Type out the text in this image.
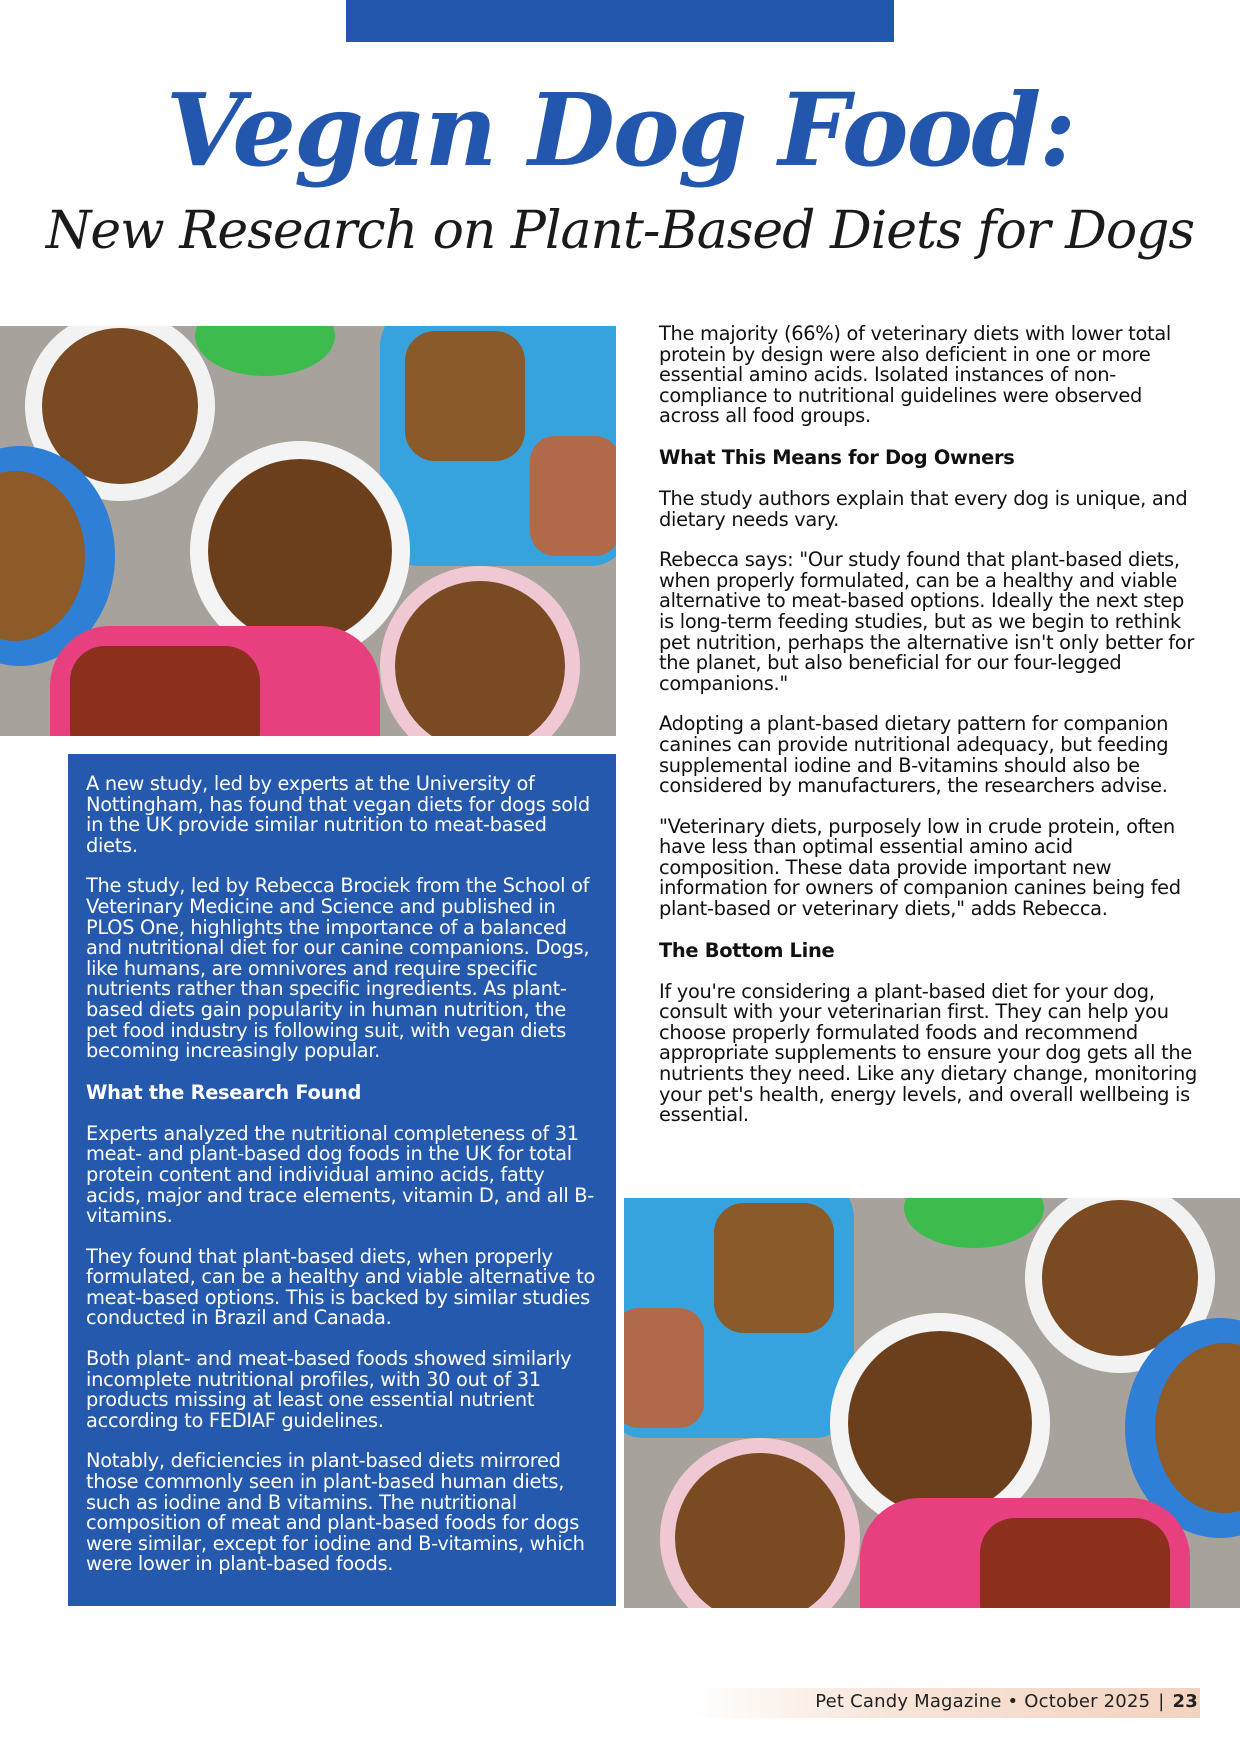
Vegan Dog Food:
New Research on Plant-Based Diets for Dogs

A new study, led by experts at the University of Nottingham, has found that vegan diets for dogs sold in the UK provide similar nutrition to meat-based diets.

The study, led by Rebecca Brociek from the School of Veterinary Medicine and Science and published in PLOS One, highlights the importance of a balanced and nutritional diet for our canine companions. Dogs, like humans, are omnivores and require specific nutrients rather than specific ingredients. As plant-based diets gain popularity in human nutrition, the pet food industry is following suit, with vegan diets becoming increasingly popular.

What the Research Found

Experts analyzed the nutritional completeness of 31 meat- and plant-based dog foods in the UK for total protein content and individual amino acids, fatty acids, major and trace elements, vitamin D, and all B-vitamins.

They found that plant-based diets, when properly formulated, can be a healthy and viable alternative to meat-based options. This is backed by similar studies conducted in Brazil and Canada.

Both plant- and meat-based foods showed similarly incomplete nutritional profiles, with 30 out of 31 products missing at least one essential nutrient according to FEDIAF guidelines.

Notably, deficiencies in plant-based diets mirrored those commonly seen in plant-based human diets, such as iodine and B vitamins. The nutritional composition of meat and plant-based foods for dogs were similar, except for iodine and B-vitamins, which were lower in plant-based foods.

The majority (66%) of veterinary diets with lower total protein by design were also deficient in one or more essential amino acids. Isolated instances of non-compliance to nutritional guidelines were observed across all food groups.

What This Means for Dog Owners

The study authors explain that every dog is unique, and dietary needs vary.

Rebecca says: "Our study found that plant-based diets, when properly formulated, can be a healthy and viable alternative to meat-based options. Ideally the next step is long-term feeding studies, but as we begin to rethink pet nutrition, perhaps the alternative isn't only better for the planet, but also beneficial for our four-legged companions."

Adopting a plant-based dietary pattern for companion canines can provide nutritional adequacy, but feeding supplemental iodine and B-vitamins should also be considered by manufacturers, the researchers advise.

"Veterinary diets, purposely low in crude protein, often have less than optimal essential amino acid composition. These data provide important new information for owners of companion canines being fed plant-based or veterinary diets," adds Rebecca.

The Bottom Line

If you're considering a plant-based diet for your dog, consult with your veterinarian first. They can help you choose properly formulated foods and recommend appropriate supplements to ensure your dog gets all the nutrients they need. Like any dietary change, monitoring your pet's health, energy levels, and overall wellbeing is essential.

Pet Candy Magazine • October 2025 | 23
